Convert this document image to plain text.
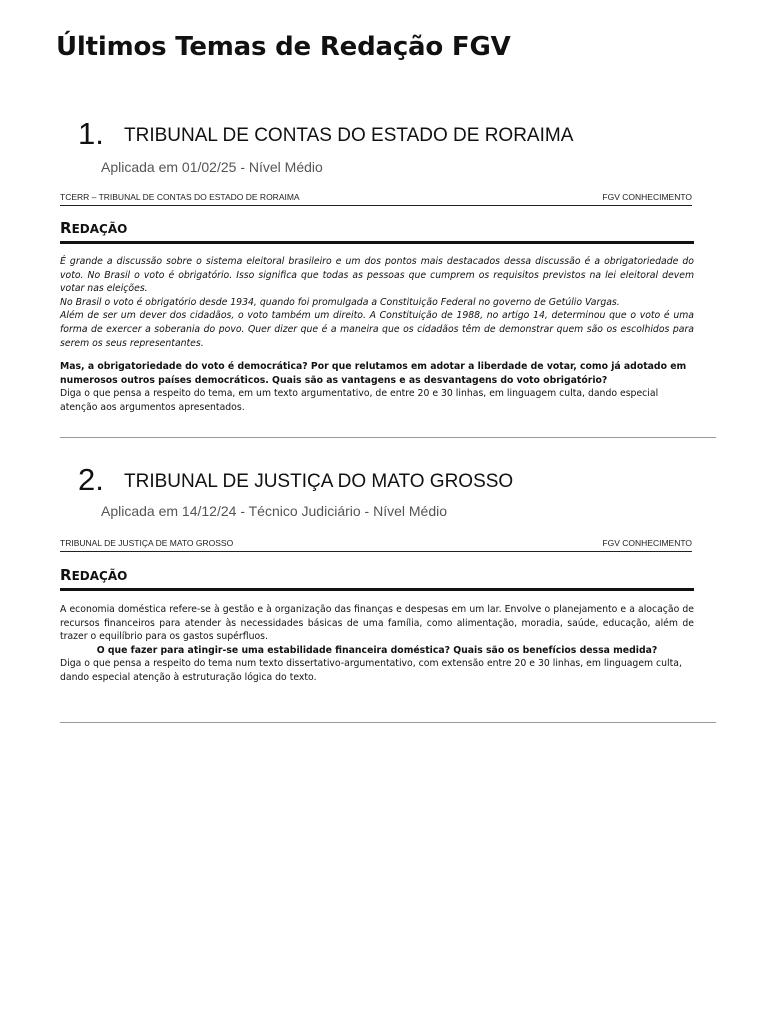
Últimos Temas de Redação FGV
1. TRIBUNAL DE CONTAS DO ESTADO DE RORAIMA
Aplicada em 01/02/25 - Nível Médio
TCERR – TRIBUNAL DE CONTAS DO ESTADO DE RORAIMA	FGV CONHECIMENTO
REDAÇÃO

É grande a discussão sobre o sistema eleitoral brasileiro e um dos pontos mais destacados dessa discussão é a obrigatoriedade do voto. No Brasil o voto é obrigatório. Isso significa que todas as pessoas que cumprem os requisitos previstos na lei eleitoral devem votar nas eleições.

No Brasil o voto é obrigatório desde 1934, quando foi promulgada a Constituição Federal no governo de Getúlio Vargas.

Além de ser um dever dos cidadãos, o voto também um direito. A Constituição de 1988, no artigo 14, determinou que o voto é uma forma de exercer a soberania do povo. Quer dizer que é a maneira que os cidadãos têm de demonstrar quem são os escolhidos para serem os seus representantes.

Mas, a obrigatoriedade do voto é democrática? Por que relutamos em adotar a liberdade de votar, como já adotado em numerosos outros países democráticos. Quais são as vantagens e as desvantagens do voto obrigatório?

Diga o que pensa a respeito do tema, em um texto argumentativo, de entre 20 e 30 linhas, em linguagem culta, dando especial atenção aos argumentos apresentados.

2. TRIBUNAL DE JUSTIÇA DO MATO GROSSO
Aplicada em 14/12/24 - Técnico Judiciário - Nível Médio
TRIBUNAL DE JUSTIÇA DE MATO GROSSO	FGV CONHECIMENTO
REDAÇÃO

A economia doméstica refere-se à gestão e à organização das finanças e despesas em um lar. Envolve o planejamento e a alocação de recursos financeiros para atender às necessidades básicas de uma família, como alimentação, moradia, saúde, educação, além de trazer o equilíbrio para os gastos supérfluos.

O que fazer para atingir-se uma estabilidade financeira doméstica? Quais são os benefícios dessa medida?

Diga o que pensa a respeito do tema num texto dissertativo-argumentativo, com extensão entre 20 e 30 linhas, em linguagem culta, dando especial atenção à estruturação lógica do texto.
